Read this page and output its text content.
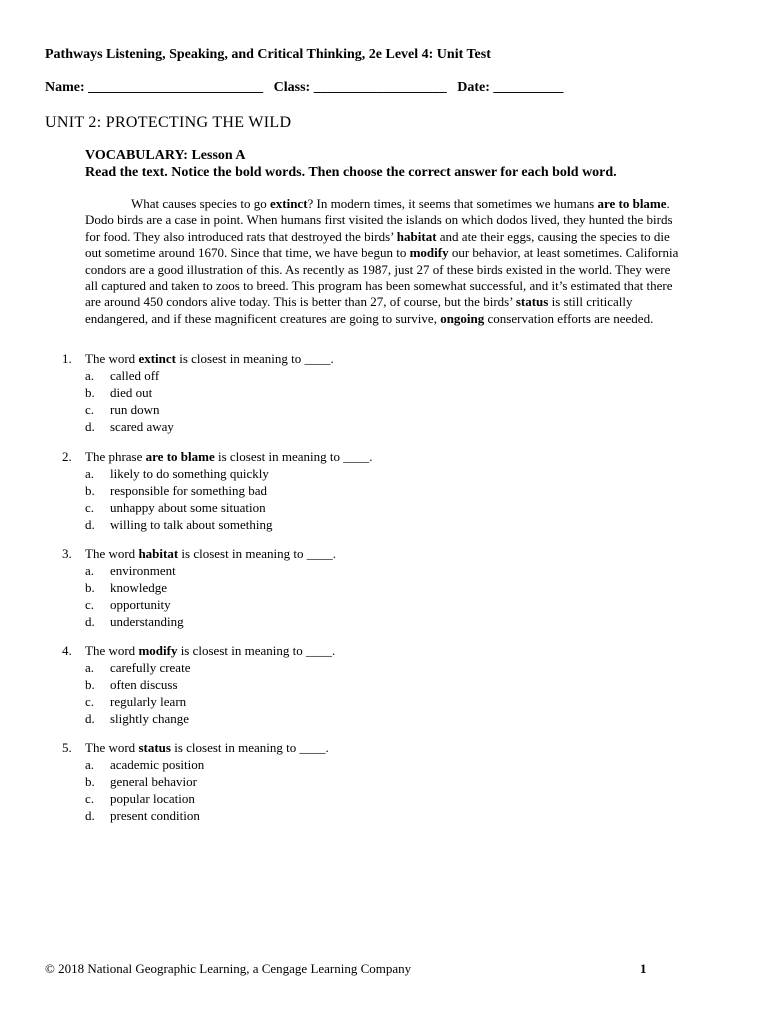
Pathways Listening, Speaking, and Critical Thinking, 2e Level 4: Unit Test
Name: _________________________ Class: ___________________ Date: __________
UNIT 2: PROTECTING THE WILD
VOCABULARY: Lesson A
Read the text. Notice the bold words. Then choose the correct answer for each bold word.
What causes species to go extinct? In modern times, it seems that sometimes we humans are to blame.
Dodo birds are a case in point. When humans first visited the islands on which dodos lived, they hunted the birds
for food. They also introduced rats that destroyed the birds’ habitat and ate their eggs, causing the species to die
out sometime around 1670. Since that time, we have begun to modify our behavior, at least sometimes. California
condors are a good illustration of this. As recently as 1987, just 27 of these birds existed in the world. They were
all captured and taken to zoos to breed. This program has been somewhat successful, and it’s estimated that there
are around 450 condors alive today. This is better than 27, of course, but the birds’ status is still critically
endangered, and if these magnificent creatures are going to survive, ongoing conservation efforts are needed.
1. The word extinct is closest in meaning to ____.
a. called off
b. died out
c. run down
d. scared away
2. The phrase are to blame is closest in meaning to ____.
a. likely to do something quickly
b. responsible for something bad
c. unhappy about some situation
d. willing to talk about something
3. The word habitat is closest in meaning to ____.
a. environment
b. knowledge
c. opportunity
d. understanding
4. The word modify is closest in meaning to ____.
a. carefully create
b. often discuss
c. regularly learn
d. slightly change
5. The word status is closest in meaning to ____.
a. academic position
b. general behavior
c. popular location
d. present condition
© 2018 National Geographic Learning, a Cengage Learning Company	1
